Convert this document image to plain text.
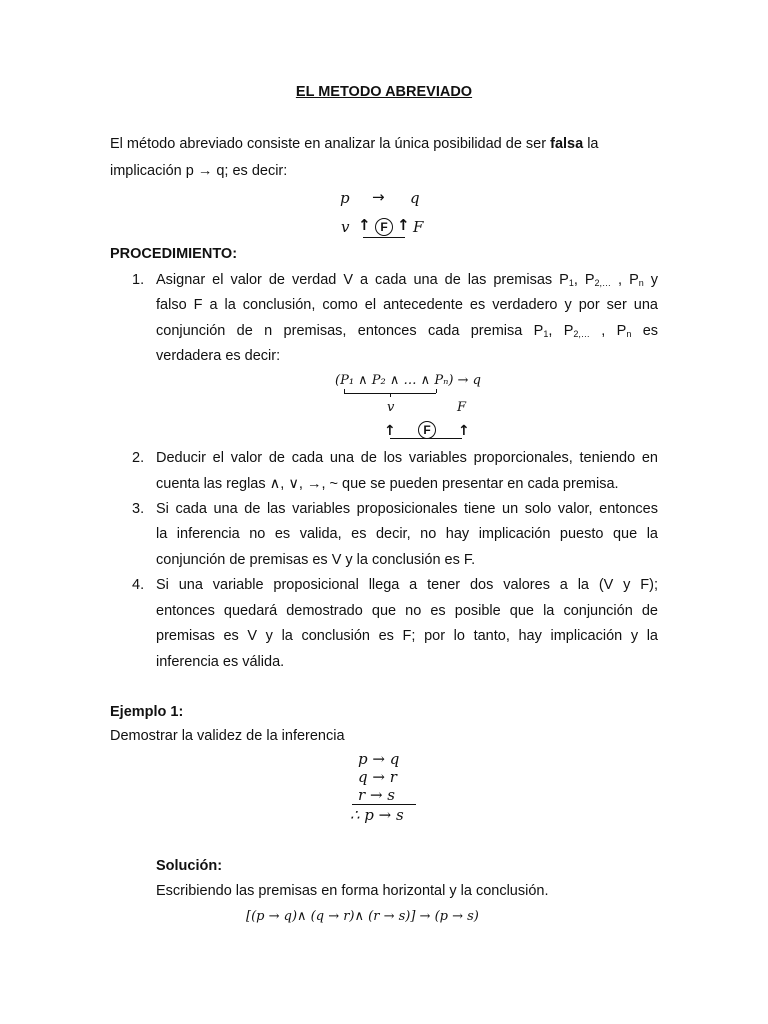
EL METODO ABREVIADO
El método abreviado consiste en analizar la única posibilidad de ser falsa la
implicación p → q; es decir:
p → q
v ↑ F ↑ F
PROCEDIMIENTO:
1. Asignar el valor de verdad V a cada una de las premisas $P_1$, $P_{2,\dots}$ , $P_n$ y
falso F a la conclusión, como el antecedente es verdadero y por ser una
conjunción de n premisas, entonces cada premisa $P_1$, $P_{2,\dots}$ , $P_n$ es
verdadera es decir:
(P₁ ∧ P₂ ∧ … ∧ Pₙ) → q
v	F
↑	F	↑
2. Deducir el valor de cada una de los variables proporcionales, teniendo en
cuenta las reglas ∧, ∨, →, ~ que se pueden presentar en cada premisa.
3. Si cada una de las variables proposicionales tiene un solo valor, entonces
la inferencia no es valida, es decir, no hay implicación puesto que la
conjunción de premisas es V y la conclusión es F.
4. Si una variable proposicional llega a tener dos valores a la (V y F);
entonces quedará demostrado que no es posible que la conjunción de
premisas es V y la conclusión es F; por lo tanto, hay implicación y la
inferencia es válida.
Ejemplo 1:
Demostrar la validez de la inferencia
p → q
q → r
r → s
∴ p → s
Solución:
Escribiendo las premisas en forma horizontal y la conclusión.
[(p → q)∧ (q → r)∧ (r → s)] → (p → s)
